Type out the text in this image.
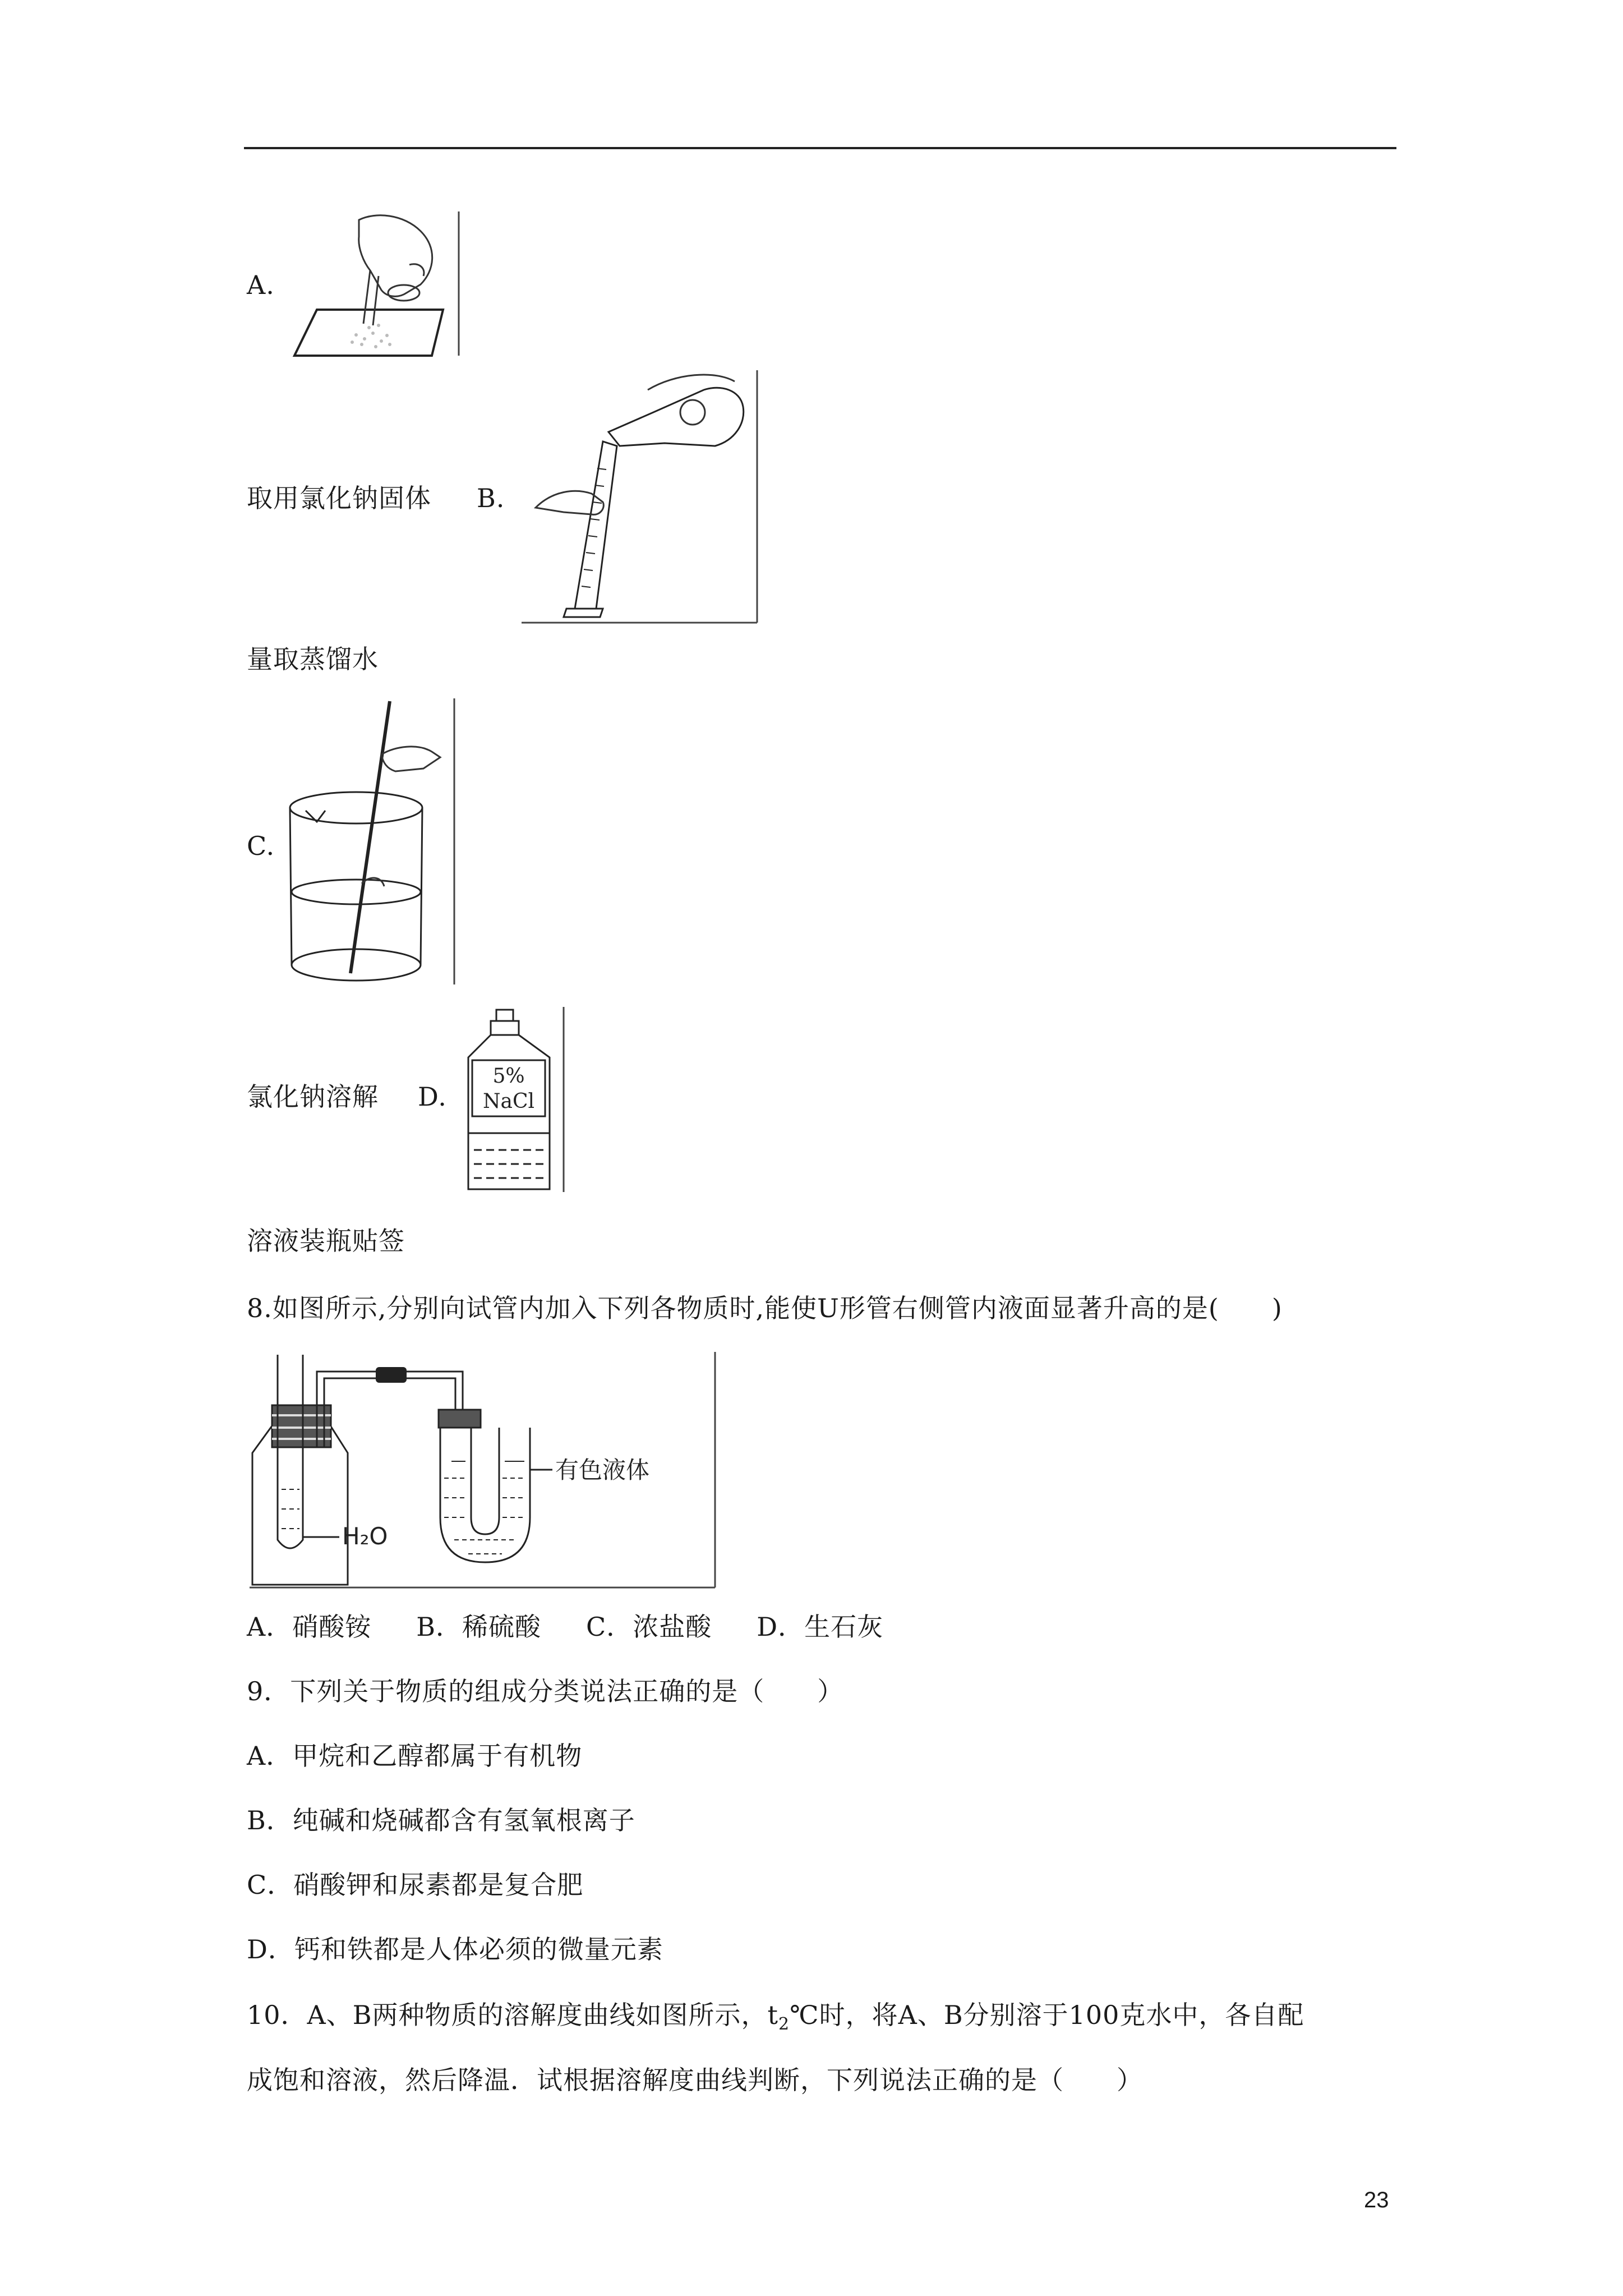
A.
取用氯化钠固体 B.
量取蒸馏水
C.
氯化钠溶解 D.
5%
NaCl
溶液装瓶贴签
8.如图所示,分别向试管内加入下列各物质时,能使U形管右侧管内液面显著升高的是(　　)
H₂O
有色液体
A．硝酸铵 B．稀硫酸 C．浓盐酸 D．生石灰
9．下列关于物质的组成分类说法正确的是（　　）
A．甲烷和乙醇都属于有机物
B．纯碱和烧碱都含有氢氧根离子
C．硝酸钾和尿素都是复合肥
D．钙和铁都是人体必须的微量元素
10．A、B两种物质的溶解度曲线如图所示，$t_2℃$时，将A、B分别溶于100克水中，各自配
成饱和溶液，然后降温．试根据溶解度曲线判断，下列说法正确的是（　　）
23
